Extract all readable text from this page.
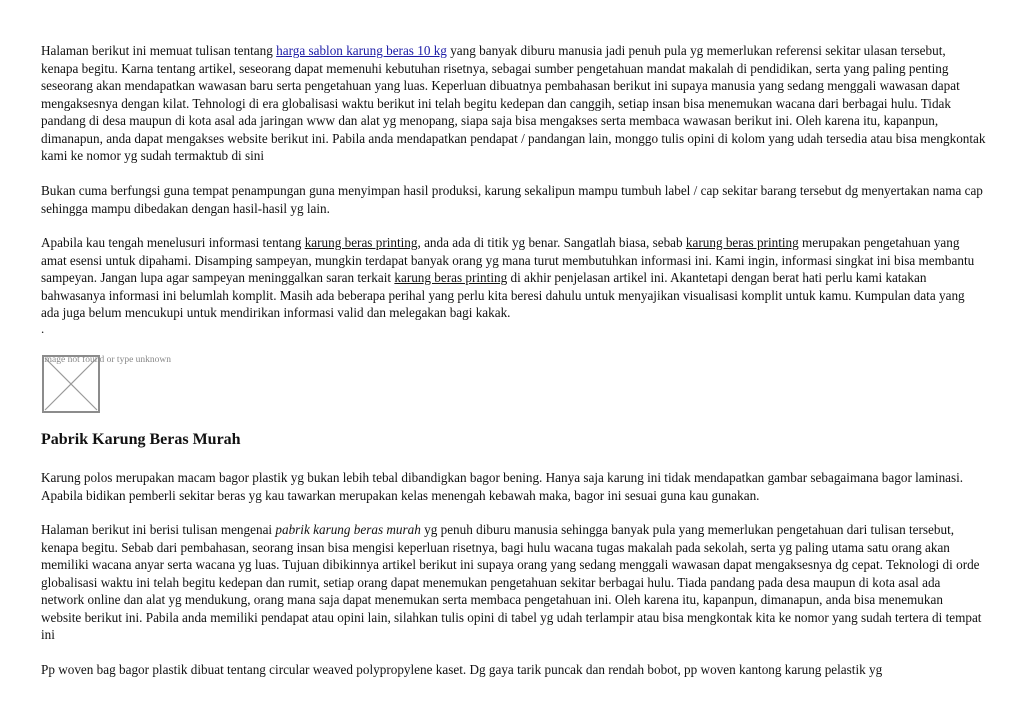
Halaman berikut ini memuat tulisan tentang harga sablon karung beras 10 kg yang banyak diburu manusia jadi penuh pula yg memerlukan referensi sekitar ulasan tersebut, kenapa begitu. Karna tentang artikel, seseorang dapat memenuhi kebutuhan risetnya, sebagai sumber pengetahuan mandat makalah di pendidikan, serta yang paling penting seseorang akan mendapatkan wawasan baru serta pengetahuan yang luas. Keperluan dibuatnya pembahasan berikut ini supaya manusia yang sedang menggali wawasan dapat mengaksesnya dengan kilat. Tehnologi di era globalisasi waktu berikut ini telah begitu kedepan dan canggih, setiap insan bisa menemukan wacana dari berbagai hulu. Tidak pandang di desa maupun di kota asal ada jaringan www dan alat yg menopang, siapa saja bisa mengakses serta membaca wawasan berikut ini. Oleh karena itu, kapanpun, dimanapun, anda dapat mengakses website berikut ini. Pabila anda mendapatkan pendapat / pandangan lain, monggo tulis opini di kolom yang udah tersedia atau bisa mengkontak kami ke nomor yg sudah termaktub di sini

Bukan cuma berfungsi guna tempat penampungan guna menyimpan hasil produksi, karung sekalipun mampu tumbuh label / cap sekitar barang tersebut dg menyertakan nama cap sehingga mampu dibedakan dengan hasil-hasil yg lain.

Apabila kau tengah menelusuri informasi tentang karung beras printing, anda ada di titik yg benar. Sangatlah biasa, sebab karung beras printing merupakan pengetahuan yang amat esensi untuk dipahami. Disamping sampeyan, mungkin terdapat banyak orang yg mana turut membutuhkan informasi ini. Kami ingin, informasi singkat ini bisa membantu sampeyan. Jangan lupa agar sampeyan meninggalkan saran terkait karung beras printing di akhir penjelasan artikel ini. Akantetapi dengan berat hati perlu kami katakan bahwasanya informasi ini belumlah komplit. Masih ada beberapa perihal yang perlu kita beresi dahulu untuk menyajikan visualisasi komplit untuk kamu. Kumpulan data yang ada juga belum mencukupi untuk mendirikan informasi valid dan melegakan bagi kakak.

.
image not found or type unknown
Pabrik Karung Beras Murah

Karung polos merupakan macam bagor plastik yg bukan lebih tebal dibandigkan bagor bening. Hanya saja karung ini tidak mendapatkan gambar sebagaimana bagor laminasi. Apabila bidikan pemberli sekitar beras yg kau tawarkan merupakan kelas menengah kebawah maka, bagor ini sesuai guna kau gunakan.

Halaman berikut ini berisi tulisan mengenai pabrik karung beras murah yg penuh diburu manusia sehingga banyak pula yang memerlukan pengetahuan dari tulisan tersebut, kenapa begitu. Sebab dari pembahasan, seorang insan bisa mengisi keperluan risetnya, bagi hulu wacana tugas makalah pada sekolah, serta yg paling utama satu orang akan memiliki wacana anyar serta wacana yg luas. Tujuan dibikinnya artikel berikut ini supaya orang yang sedang menggali wawasan dapat mengaksesnya dg cepat. Teknologi di orde globalisasi waktu ini telah begitu kedepan dan rumit, setiap orang dapat menemukan pengetahuan sekitar berbagai hulu. Tiada pandang pada desa maupun di kota asal ada network online dan alat yg mendukung, orang mana saja dapat menemukan serta membaca pengetahuan ini. Oleh karena itu, kapanpun, dimanapun, anda bisa menemukan website berikut ini. Pabila anda memiliki pendapat atau opini lain, silahkan tulis opini di tabel yg udah terlampir atau bisa mengkontak kita ke nomor yang sudah tertera di tempat ini

Pp woven bag bagor plastik dibuat tentang circular weaved polypropylene kaset. Dg gaya tarik puncak dan rendah bobot, pp woven kantong karung pelastik yg
